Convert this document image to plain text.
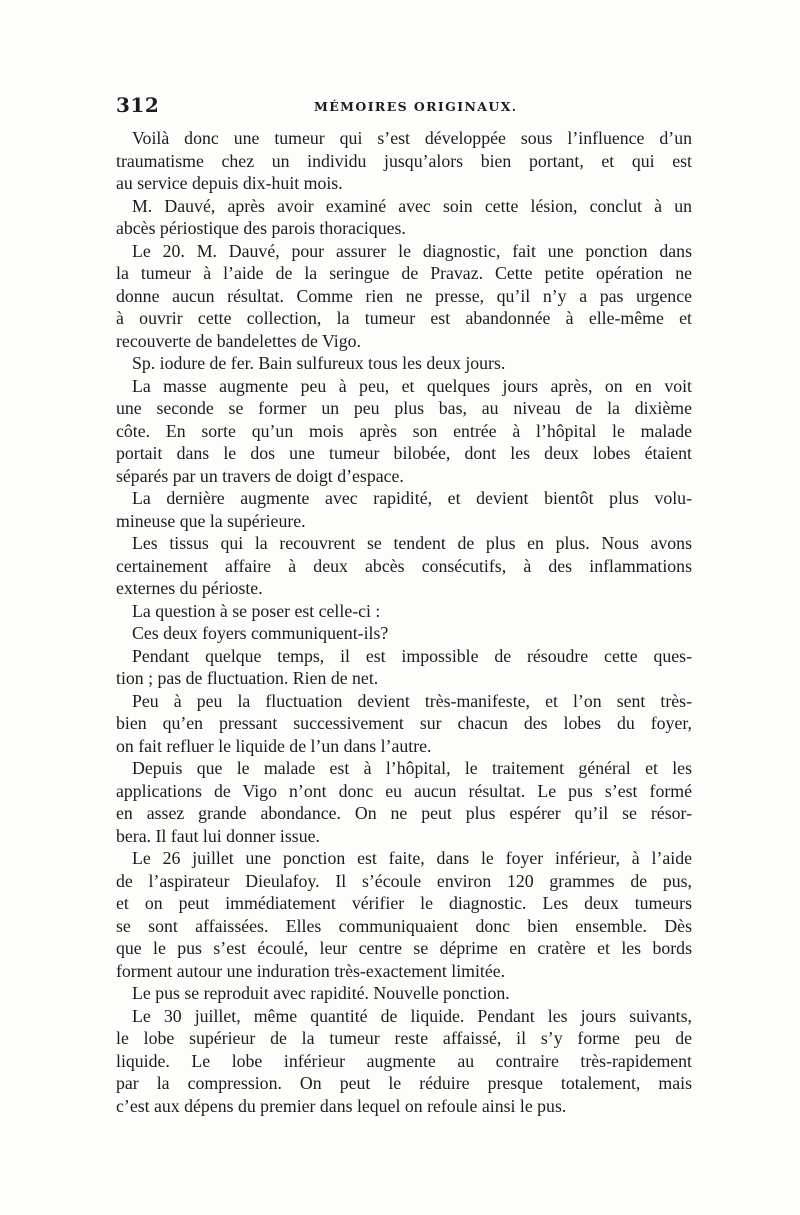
312	MÉMOIRES ORIGINAUX.
Voilà donc une tumeur qui s’est développée sous l’influence d’un
traumatisme chez un individu jusqu’alors bien portant, et qui est
au service depuis dix-huit mois.
M. Dauvé, après avoir examiné avec soin cette lésion, conclut à un
abcès périostique des parois thoraciques.
Le 20. M. Dauvé, pour assurer le diagnostic, fait une ponction dans
la tumeur à l’aide de la seringue de Pravaz. Cette petite opération ne
donne aucun résultat. Comme rien ne presse, qu’il n’y a pas urgence
à ouvrir cette collection, la tumeur est abandonnée à elle-même et
recouverte de bandelettes de Vigo.
Sp. iodure de fer. Bain sulfureux tous les deux jours.
La masse augmente peu à peu, et quelques jours après, on en voit
une seconde se former un peu plus bas, au niveau de la dixième
côte. En sorte qu’un mois après son entrée à l’hôpital le malade
portait dans le dos une tumeur bilobée, dont les deux lobes étaient
séparés par un travers de doigt d’espace.
La dernière augmente avec rapidité, et devient bientôt plus volu-
mineuse que la supérieure.
Les tissus qui la recouvrent se tendent de plus en plus. Nous avons
certainement affaire à deux abcès consécutifs, à des inflammations
externes du périoste.
La question à se poser est celle-ci :
Ces deux foyers communiquent-ils?
Pendant quelque temps, il est impossible de résoudre cette ques-
tion ; pas de fluctuation. Rien de net.
Peu à peu la fluctuation devient très-manifeste, et l’on sent très-
bien qu’en pressant successivement sur chacun des lobes du foyer,
on fait refluer le liquide de l’un dans l’autre.
Depuis que le malade est à l’hôpital, le traitement général et les
applications de Vigo n’ont donc eu aucun résultat. Le pus s’est formé
en assez grande abondance. On ne peut plus espérer qu’il se résor-
bera. Il faut lui donner issue.
Le 26 juillet une ponction est faite, dans le foyer inférieur, à l’aide
de l’aspirateur Dieulafoy. Il s’écoule environ 120 grammes de pus,
et on peut immédiatement vérifier le diagnostic. Les deux tumeurs
se sont affaissées. Elles communiquaient donc bien ensemble. Dès
que le pus s’est écoulé, leur centre se déprime en cratère et les bords
forment autour une induration très-exactement limitée.
Le pus se reproduit avec rapidité. Nouvelle ponction.
Le 30 juillet, même quantité de liquide. Pendant les jours suivants,
le lobe supérieur de la tumeur reste affaissé, il s’y forme peu de
liquide. Le lobe inférieur augmente au contraire très-rapidement
par la compression. On peut le réduire presque totalement, mais
c’est aux dépens du premier dans lequel on refoule ainsi le pus.
